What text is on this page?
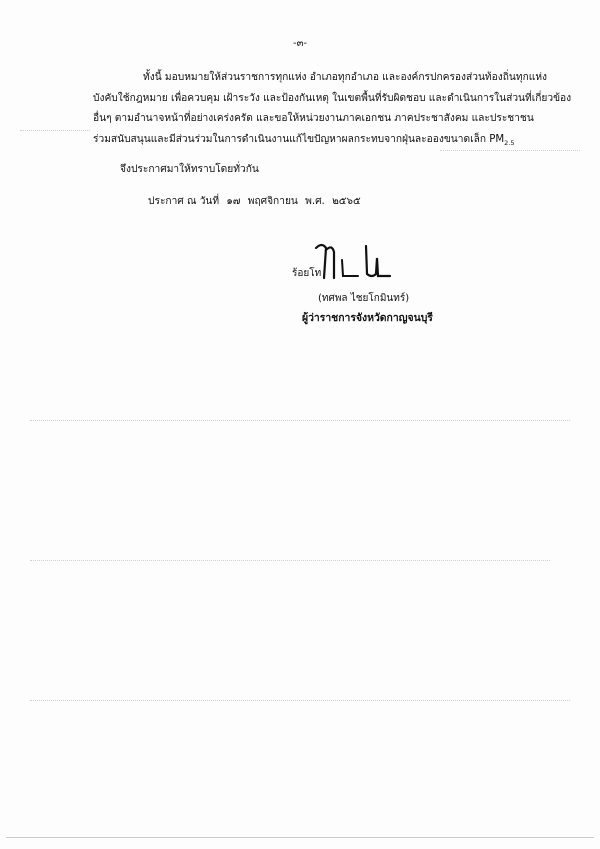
-๓-
ทั้งนี้ มอบหมายให้ส่วนราชการทุกแห่ง อำเภอทุกอำเภอ และองค์กรปกครองส่วนท้องถิ่นทุกแห่ง
บังคับใช้กฎหมาย เพื่อควบคุม เฝ้าระวัง และป้องกันเหตุ ในเขตพื้นที่รับผิดชอบ และดำเนินการในส่วนที่เกี่ยวข้อง
อื่นๆ ตามอำนาจหน้าที่อย่างเคร่งครัด และขอให้หน่วยงานภาคเอกชน ภาคประชาสังคม และประชาชน
ร่วมสนับสนุนและมีส่วนร่วมในการดำเนินงานแก้ไขปัญหาผลกระทบจากฝุ่นละอองขนาดเล็ก $PM_{2.5}$
จึงประกาศมาให้ทราบโดยทั่วกัน
ประกาศ ณ วันที่ ๑๗ พฤศจิกายน พ.ศ. ๒๕๖๕
ร้อยโท
(ทศพล ไชยโกมินทร์)
ผู้ว่าราชการจังหวัดกาญจนบุรี
